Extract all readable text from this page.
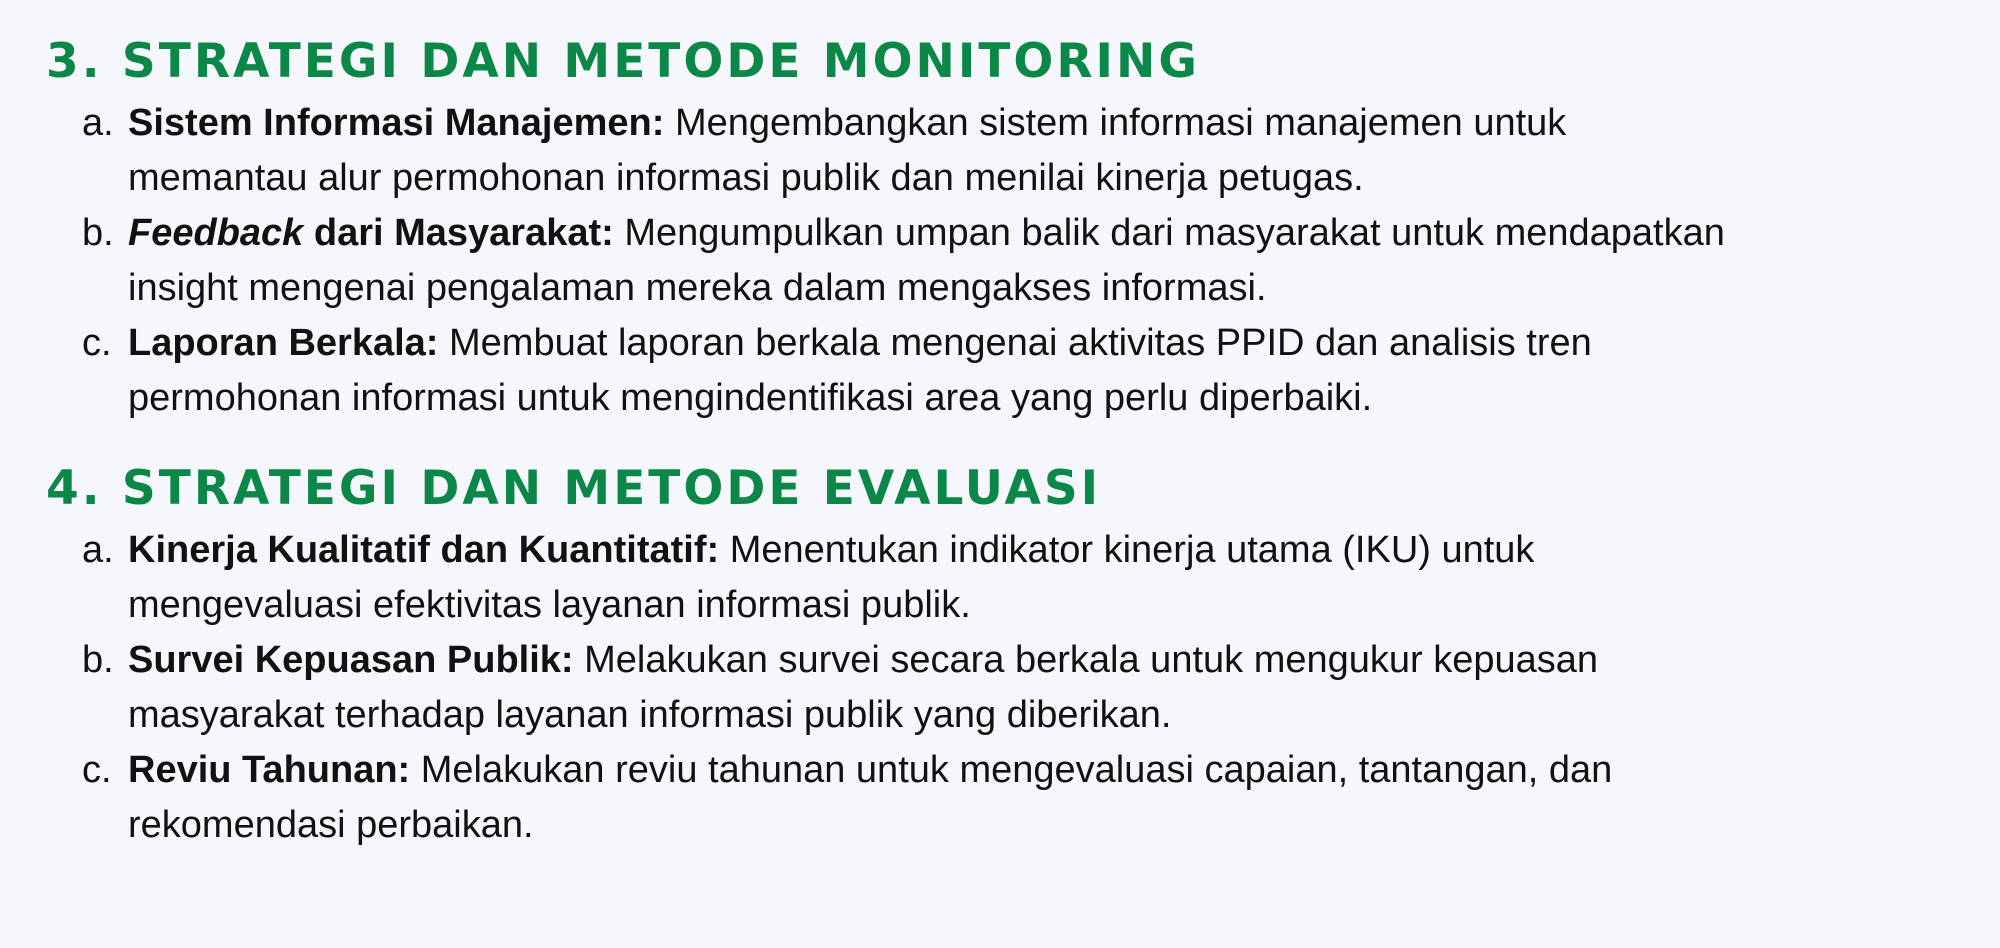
3. STRATEGI DAN METODE MONITORING
a. Sistem Informasi Manajemen: Mengembangkan sistem informasi manajemen untuk
memantau alur permohonan informasi publik dan menilai kinerja petugas.
b. Feedback dari Masyarakat: Mengumpulkan umpan balik dari masyarakat untuk mendapatkan
insight mengenai pengalaman mereka dalam mengakses informasi.
c. Laporan Berkala: Membuat laporan berkala mengenai aktivitas PPID dan analisis tren
permohonan informasi untuk mengindentifikasi area yang perlu diperbaiki.
4. STRATEGI DAN METODE EVALUASI
a. Kinerja Kualitatif dan Kuantitatif: Menentukan indikator kinerja utama (IKU) untuk
mengevaluasi efektivitas layanan informasi publik.
b. Survei Kepuasan Publik: Melakukan survei secara berkala untuk mengukur kepuasan
masyarakat terhadap layanan informasi publik yang diberikan.
c. Reviu Tahunan: Melakukan reviu tahunan untuk mengevaluasi capaian, tantangan, dan
rekomendasi perbaikan.
